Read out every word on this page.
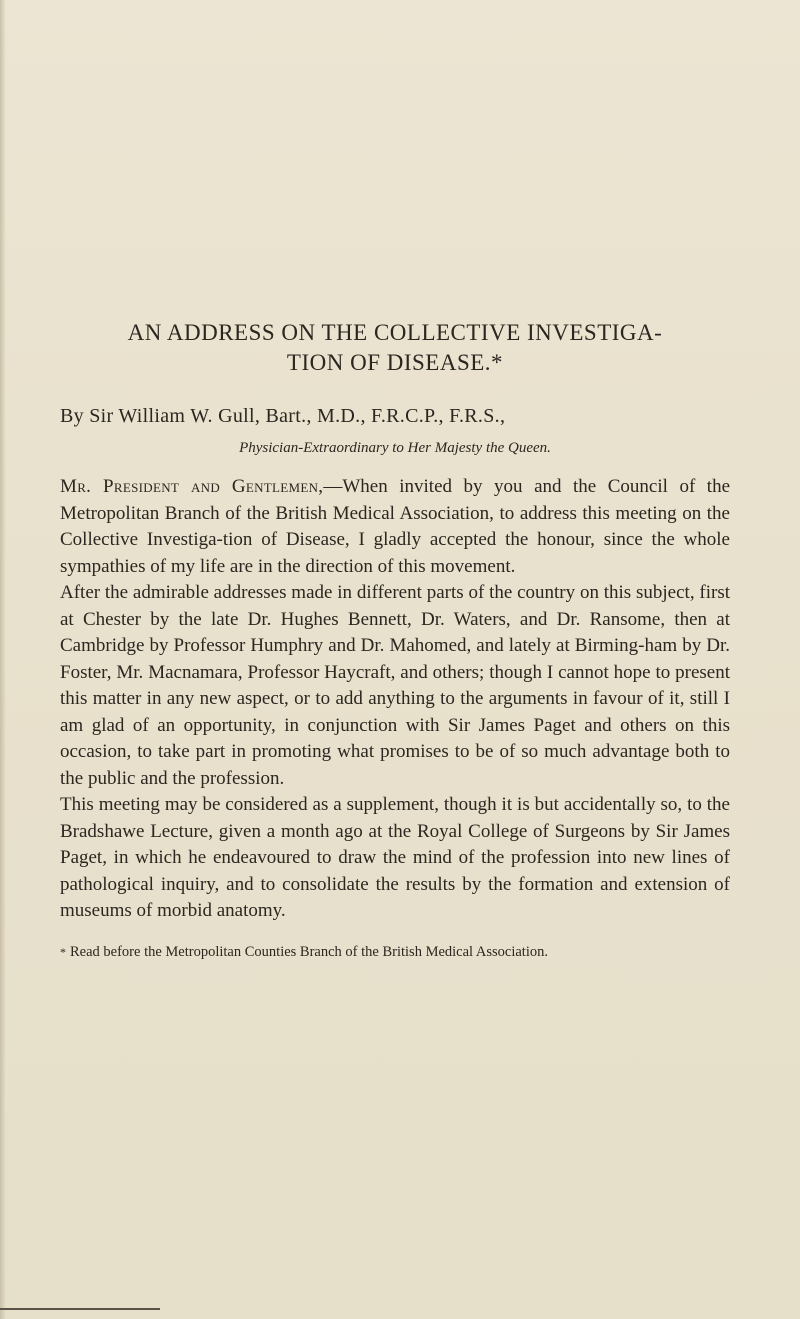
AN ADDRESS ON THE COLLECTIVE INVESTIGA-
TION OF DISEASE.*
By Sir William W. Gull, Bart., M.D., F.R.C.P., F.R.S.,
Physician-Extraordinary to Her Majesty the Queen.

Mr. President and Gentlemen,—When invited by you and the Council of the Metropolitan Branch of the British Medical Association, to address this meeting on the Collective Investiga-tion of Disease, I gladly accepted the honour, since the whole sympathies of my life are in the direction of this movement.

After the admirable addresses made in different parts of the country on this subject, first at Chester by the late Dr. Hughes Bennett, Dr. Waters, and Dr. Ransome, then at Cambridge by Professor Humphry and Dr. Mahomed, and lately at Birming-ham by Dr. Foster, Mr. Macnamara, Professor Haycraft, and others; though I cannot hope to present this matter in any new aspect, or to add anything to the arguments in favour of it, still I am glad of an opportunity, in conjunction with Sir James Paget and others on this occasion, to take part in promoting what promises to be of so much advantage both to the public and the profession.

This meeting may be considered as a supplement, though it is but accidentally so, to the Bradshawe Lecture, given a month ago at the Royal College of Surgeons by Sir James Paget, in which he endeavoured to draw the mind of the profession into new lines of pathological inquiry, and to consolidate the results by the formation and extension of museums of morbid anatomy.

* Read before the Metropolitan Counties Branch of the British Medical Association.
